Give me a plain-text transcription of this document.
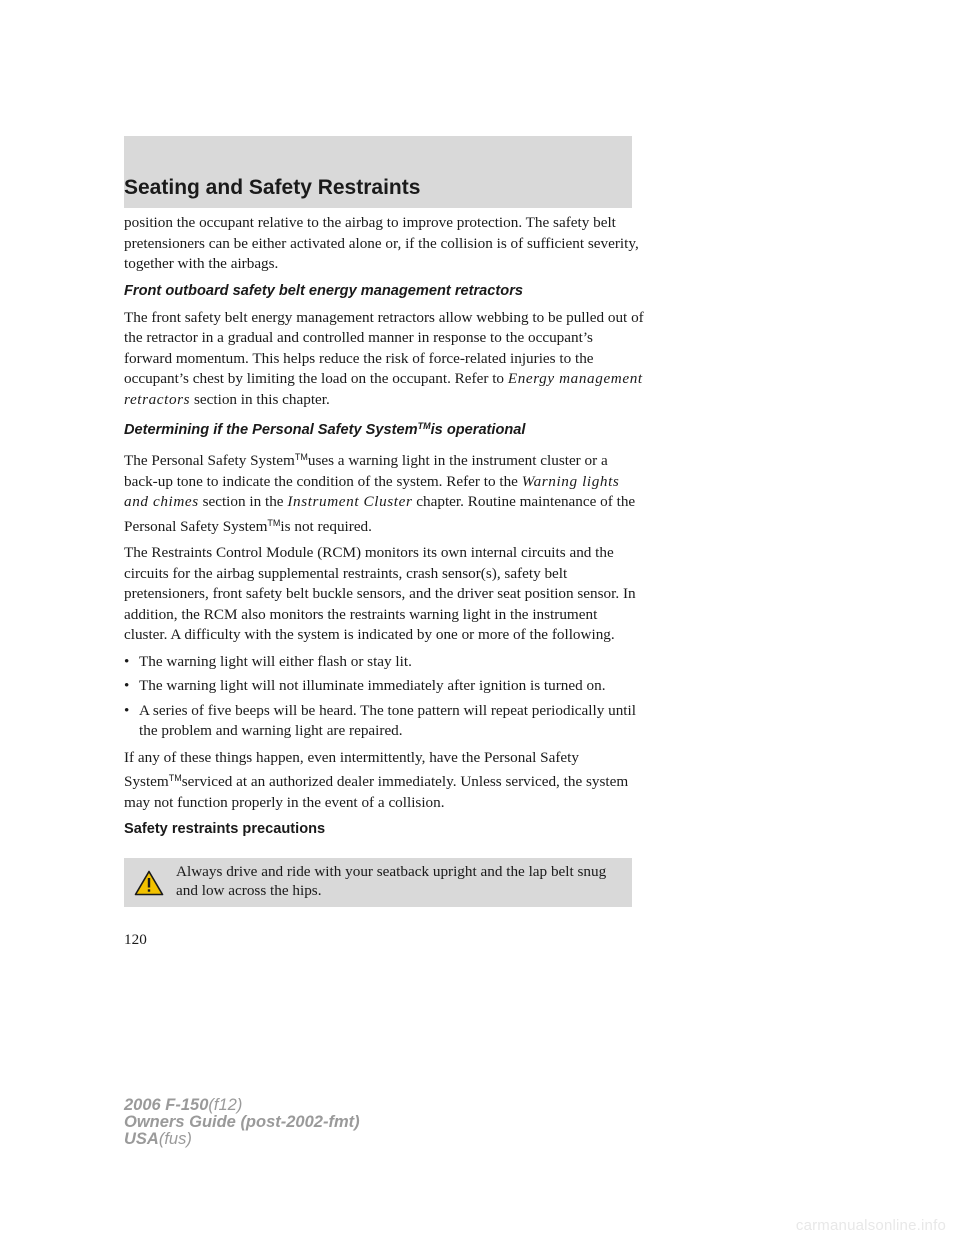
Seating and Safety Restraints

position the occupant relative to the airbag to improve protection. The safety belt pretensioners can be either activated alone or, if the collision is of sufficient severity, together with the airbags.

Front outboard safety belt energy management retractors

The front safety belt energy management retractors allow webbing to be pulled out of the retractor in a gradual and controlled manner in response to the occupant’s forward momentum. This helps reduce the risk of force-related injuries to the occupant’s chest by limiting the load on the occupant. Refer to Energy management retractors section in this chapter.

Determining if the Personal Safety System™is operational

The Personal Safety System™uses a warning light in the instrument cluster or a back-up tone to indicate the condition of the system. Refer to the Warning lights and chimes section in the Instrument Cluster chapter. Routine maintenance of the Personal Safety System™is not required.

The Restraints Control Module (RCM) monitors its own internal circuits and the circuits for the airbag supplemental restraints, crash sensor(s), safety belt pretensioners, front safety belt buckle sensors, and the driver seat position sensor. In addition, the RCM also monitors the restraints warning light in the instrument cluster. A difficulty with the system is indicated by one or more of the following.

• The warning light will either flash or stay lit.
• The warning light will not illuminate immediately after ignition is turned on.
• A series of five beeps will be heard. The tone pattern will repeat periodically until the problem and warning light are repaired.

If any of these things happen, even intermittently, have the Personal Safety System™serviced at an authorized dealer immediately. Unless serviced, the system may not function properly in the event of a collision.

Safety restraints precautions
Always drive and ride with your seatback upright and the lap belt snug and low across the hips.
120
2006 F-150(f12)
Owners Guide (post-2002-fmt)
USA(fus)
carmanualsonline.info
